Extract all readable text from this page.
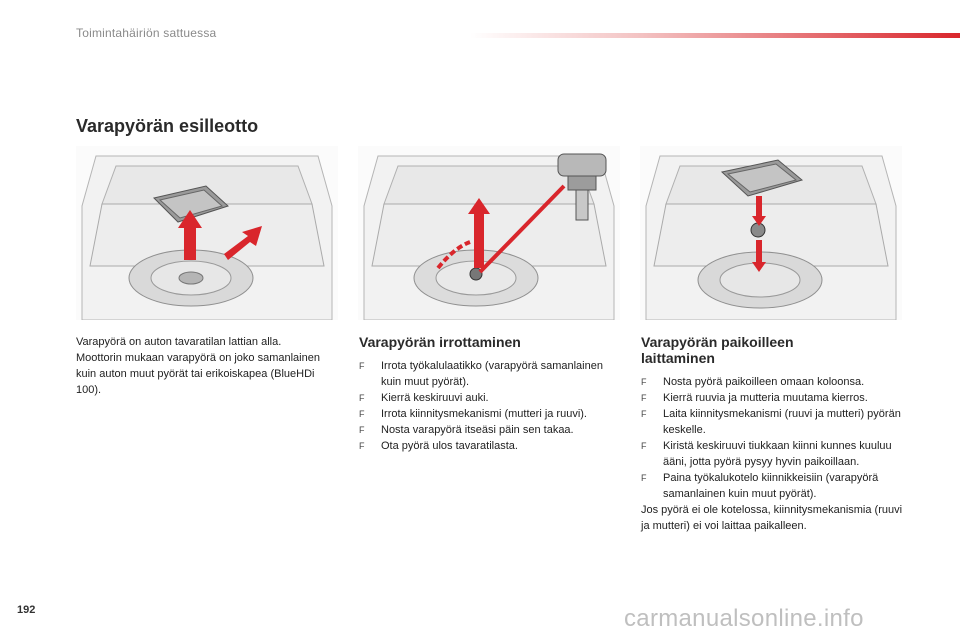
Toimintahäiriön sattuessa
Varapyörän esilleotto

Varapyörä on auton tavaratilan lattian alla. Moottorin mukaan varapyörä on joko samanlainen kuin auton muut pyörät tai erikoiskapea (BlueHDi 100).

Varapyörän irrottaminen
F	Irrota työkalulaatikko (varapyörä samanlainen kuin muut pyörät).
F	Kierrä keskiruuvi auki.
F	Irrota kiinnitysmekanismi (mutteri ja ruuvi).
F	Nosta varapyörä itseäsi päin sen takaa.
F	Ota pyörä ulos tavaratilasta.
Varapyörän paikoilleen laittaminen
F	Nosta pyörä paikoilleen omaan koloonsa.
F	Kierrä ruuvia ja mutteria muutama kierros.
F	Laita kiinnitysmekanismi (ruuvi ja mutteri) pyörän keskelle.
F	Kiristä keskiruuvi tiukkaan kiinni kunnes kuuluu ääni, jotta pyörä pysyy hyvin paikoillaan.
F	Paina työkalukotelo kiinnikkeisiin (varapyörä samanlainen kuin muut pyörät).

Jos pyörä ei ole kotelossa, kiinnitysmekanismia (ruuvi ja mutteri) ei voi laittaa paikalleen.

192	carmanualsonline.info
